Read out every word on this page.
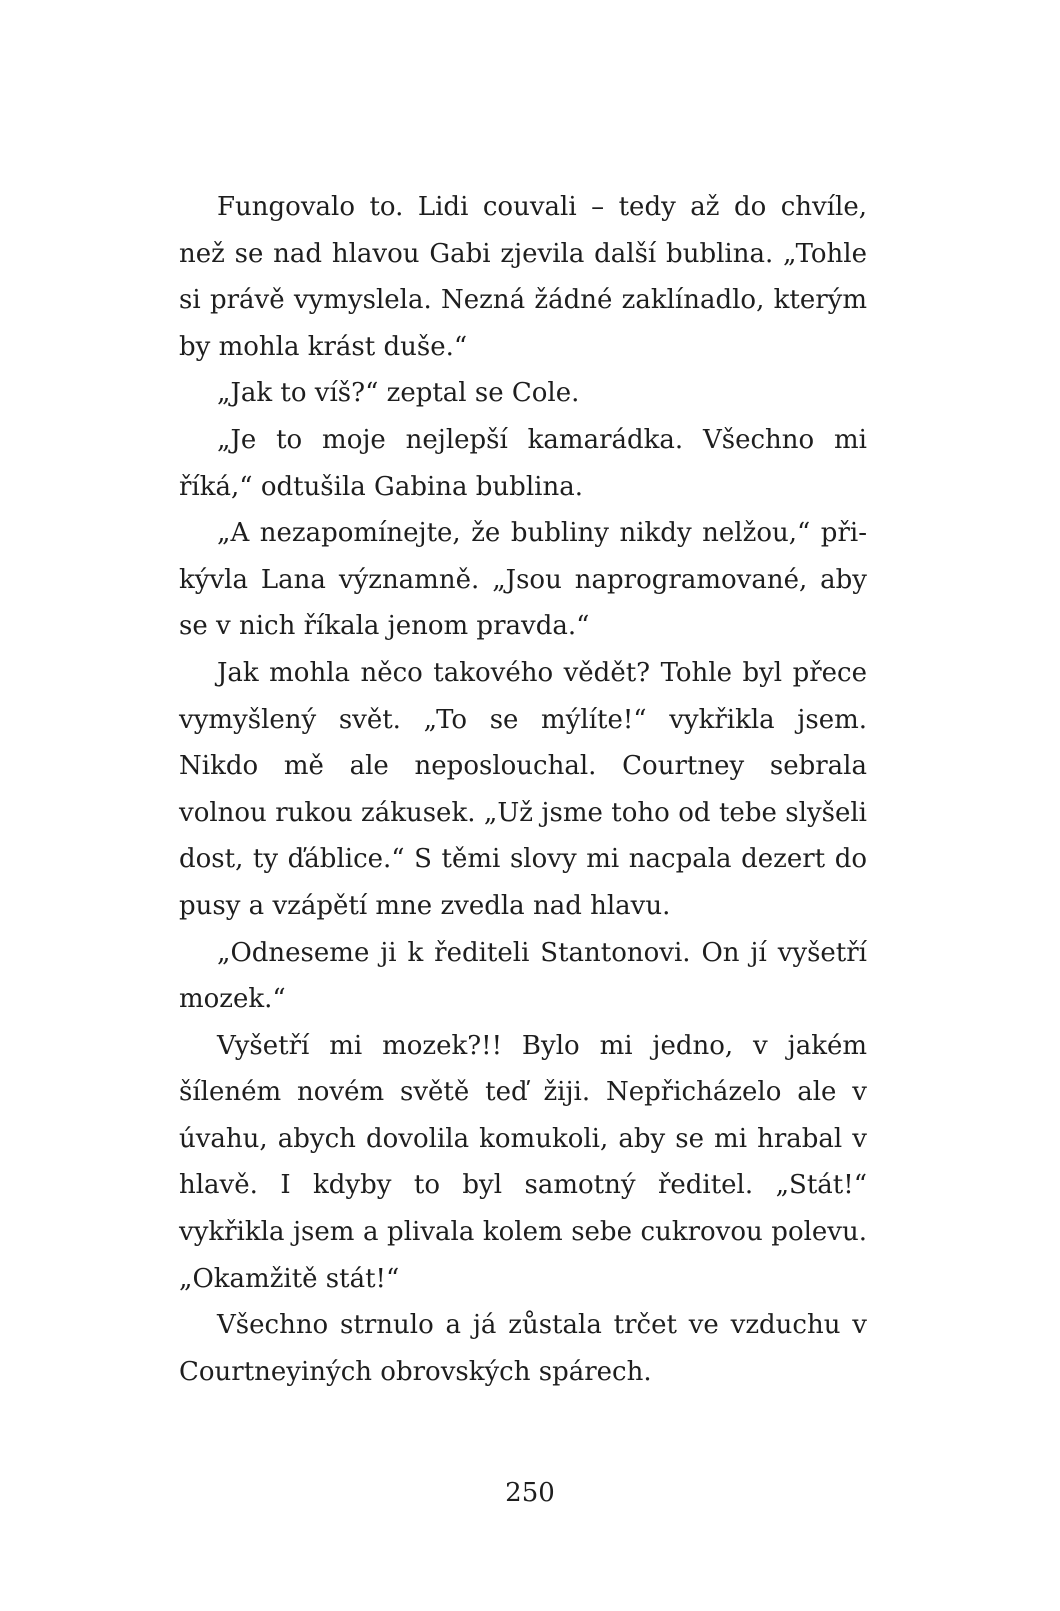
Fungovalo to. Lidi couvali – tedy až do chvíle, než se nad hlavou Gabi zjevila další bublina. „Tohle si právě vymyslela. Nezná žádné zaklínadlo, kterým by mohla krást duše.“

„Jak to víš?“ zeptal se Cole.

„Je to moje nejlepší kamarádka. Všechno mi říká,“ odtušila Gabina bublina.

„A nezapomínejte, že bubliny nikdy nelžou,“ přikývla Lana významně. „Jsou naprogramované, aby se v nich říkala jenom pravda.“

Jak mohla něco takového vědět? Tohle byl přece vymyšlený svět. „To se mýlíte!“ vykřikla jsem. Nikdo mě ale neposlouchal. Courtney sebrala volnou rukou zákusek. „Už jsme toho od tebe slyšeli dost, ty ďáblice.“ S těmi slovy mi nacpala dezert do pusy a vzápětí mne zvedla nad hlavu.

„Odneseme ji k řediteli Stantonovi. On jí vyšetří mozek.“

Vyšetří mi mozek?!! Bylo mi jedno, v jakém šíleném novém světě teď žiji. Nepřicházelo ale v úvahu, abych dovolila komukoli, aby se mi hrabal v hlavě. I kdyby to byl samotný ředitel. „Stát!“ vykřikla jsem a plivala kolem sebe cukrovou polevu. „Okamžitě stát!“

Všechno strnulo a já zůstala trčet ve vzduchu v Courtneyiných obrovských spárech.

250
